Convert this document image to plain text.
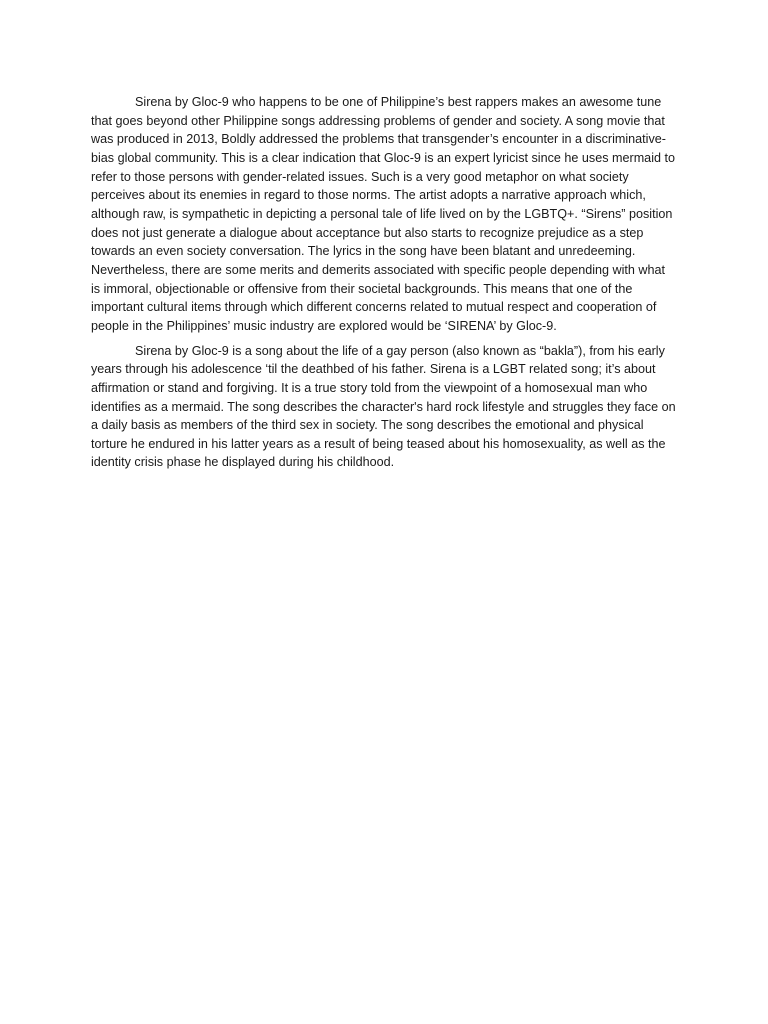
Sirena by Gloc-9 who happens to be one of Philippine’s best rappers makes an awesome tune
that goes beyond other Philippine songs addressing problems of gender and society. A song movie that
was produced in 2013, Boldly addressed the problems that transgender’s encounter in a discriminative-
bias global community. This is a clear indication that Gloc-9 is an expert lyricist since he uses mermaid to
refer to those persons with gender-related issues. Such is a very good metaphor on what society
perceives about its enemies in regard to those norms. The artist adopts a narrative approach which,
although raw, is sympathetic in depicting a personal tale of life lived on by the LGBTQ+. “Sirens” position
does not just generate a dialogue about acceptance but also starts to recognize prejudice as a step
towards an even society conversation. The lyrics in the song have been blatant and unredeeming.
Nevertheless, there are some merits and demerits associated with specific people depending with what
is immoral, objectionable or offensive from their societal backgrounds. This means that one of the
important cultural items through which different concerns related to mutual respect and cooperation of
people in the Philippines’ music industry are explored would be ‘SIRENA’ by Gloc-9.

Sirena by Gloc-9 is a song about the life of a gay person (also known as “bakla”), from his early
years through his adolescence ‘til the deathbed of his father. Sirena is a LGBT related song; it’s about
affirmation or stand and forgiving. It is a true story told from the viewpoint of a homosexual man who
identifies as a mermaid. The song describes the character's hard rock lifestyle and struggles they face on
a daily basis as members of the third sex in society. The song describes the emotional and physical
torture he endured in his latter years as a result of being teased about his homosexuality, as well as the
identity crisis phase he displayed during his childhood.
